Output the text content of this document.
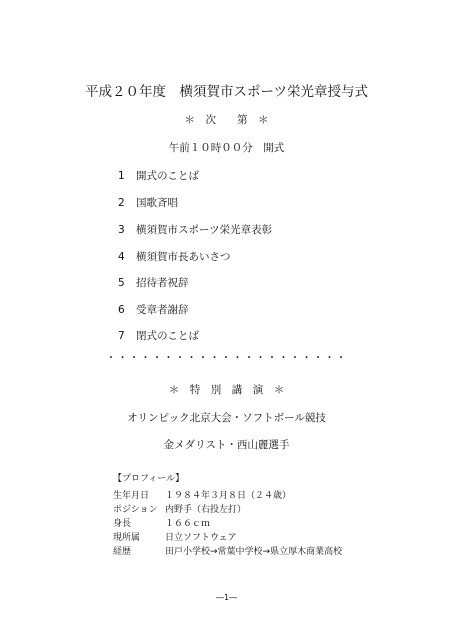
平成２０年度　横須賀市スポーツ栄光章授与式
＊　次　　第　＊
午前１０時００分　開式
1 開式のことば
2 国歌斉唱
3 横須賀市スポーツ栄光章表彰
4 横須賀市長あいさつ
5 招待者祝辞
6 受章者謝辞
7 閉式のことば
・・・・・・・・・・・・・・・・・・・・・
＊　特　別　講　演　＊
オリンピック北京大会・ソフトボール競技
金メダリスト・西山麗選手
【プロフィール】
生年月日 １９８４年３月８日（２４歳）
ポジション 内野手（右投左打）
身長	１６６ｃｍ
現所属	日立ソフトウェア
経歴	田戸小学校→常葉中学校→県立厚木商業高校
―1―
